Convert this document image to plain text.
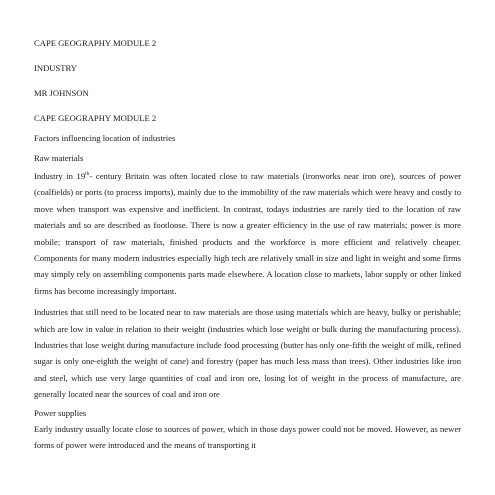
CAPE GEOGRAPHY MODULE 2

INDUSTRY

MR JOHNSON

CAPE GEOGRAPHY MODULE 2

Factors influencing location of industries

Raw materials

Industry in 19th- century Britain was often located close to raw materials (ironworks near iron ore), sources of power (coalfields) or ports (to process imports), mainly due to the immobility of the raw materials which were heavy and costly to move when transport was expensive and inefficient. In contrast, todays industries are rarely tied to the location of raw materials and so are described as footloose. There is now a greater efficiency in the use of raw materials; power is more mobile; transport of raw materials, finished products and the workforce is more efficient and relatively cheaper. Components for many modern industries especially high tech are relatively small in size and light in weight and some firms may simply rely on assembling components parts made elsewhere. A location close to markets, labor supply or other linked firms has become increasingly important.

Industries that still need to be located near to raw materials are those using materials which are heavy, bulky or perishable; which are low in value in relation to their weight (industries which lose weight or bulk during the manufacturing process). Industries that lose weight during manufacture include food processing (butter has only one-fifth the weight of milk, refined sugar is only one-eighth the weight of cane) and forestry (paper has much less mass than trees). Other industries like iron and steel, which use very large quantities of coal and iron ore, losing lot of weight in the process of manufacture, are generally located near the sources of coal and iron ore

Power supplies

Early industry usually locate close to sources of power, which in those days power could not be moved. However, as newer forms of power were introduced and the means of transporting it
